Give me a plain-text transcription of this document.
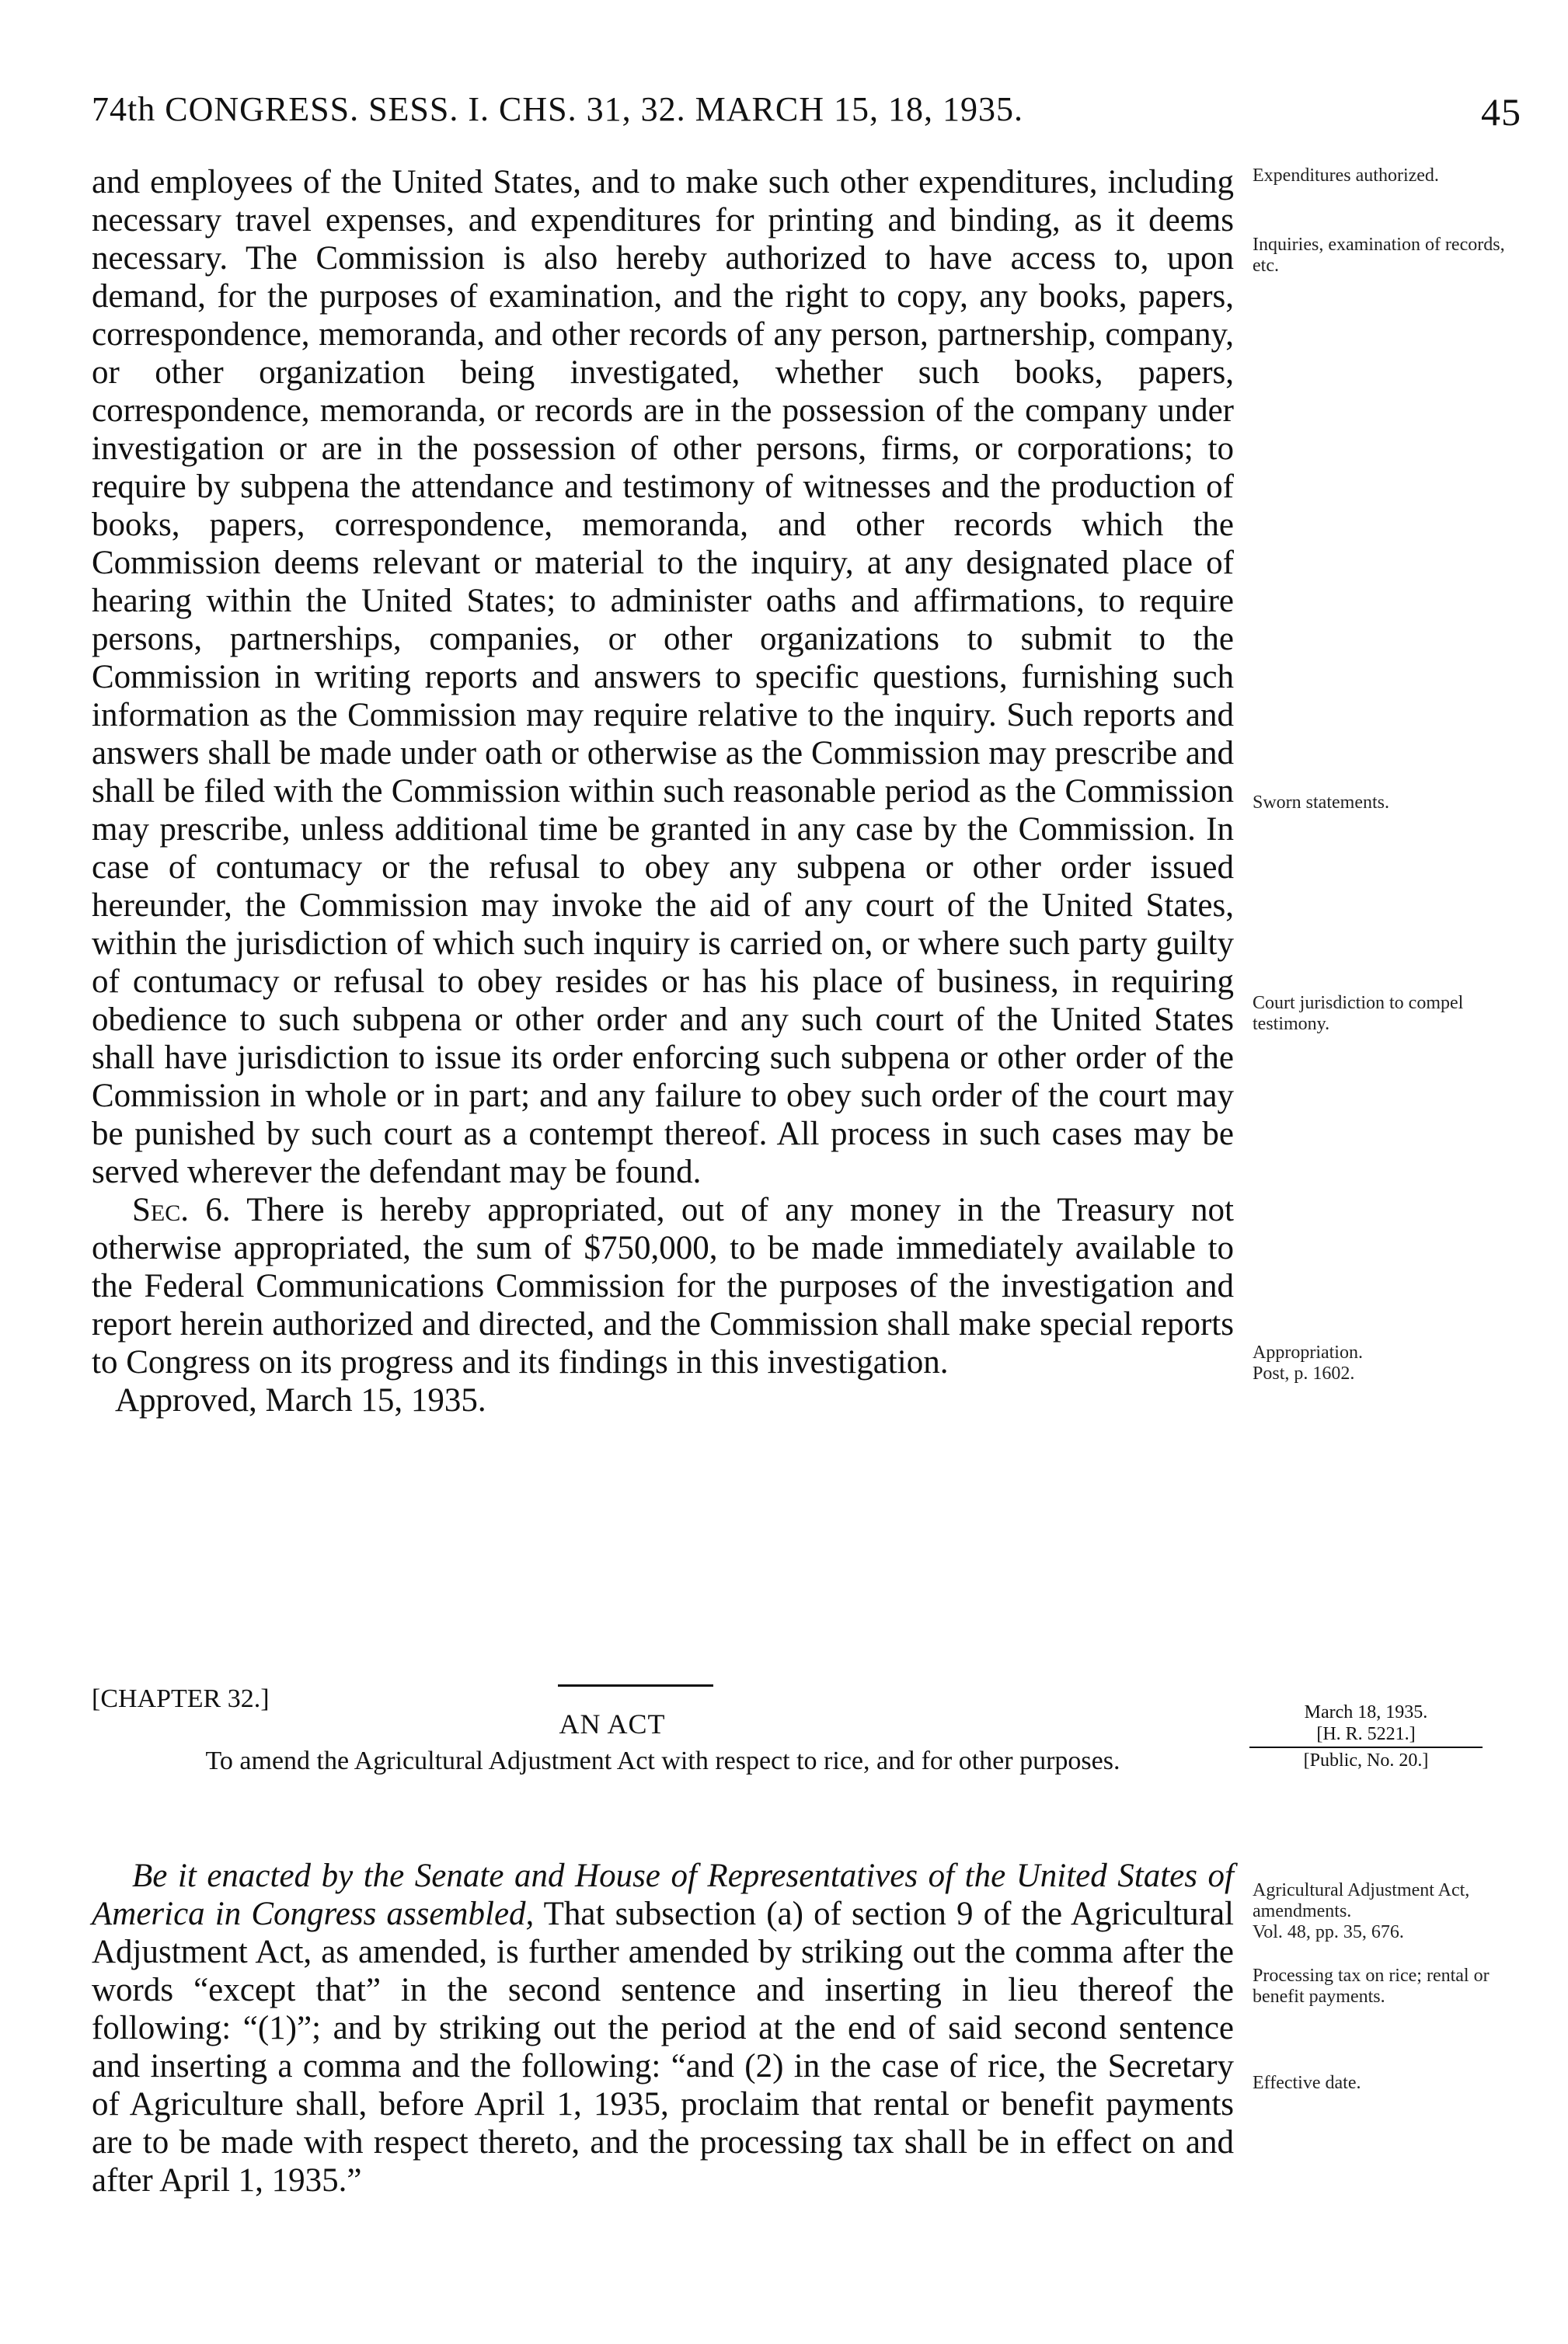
74th CONGRESS. SESS. I. CHS. 31, 32. MARCH 15, 18, 1935.	45

and employees of the United States, and to make such other expenditures, including necessary travel expenses, and expenditures for printing and binding, as it deems necessary. The Commission is also hereby authorized to have access to, upon demand, for the purposes of examination, and the right to copy, any books, papers, correspondence, memoranda, and other records of any person, partnership, company, or other organization being investigated, whether such books, papers, correspondence, memoranda, or records are in the possession of the company under investigation or are in the possession of other persons, firms, or corporations; to require by subpena the attendance and testimony of witnesses and the production of books, papers, correspondence, memoranda, and other records which the Commission deems relevant or material to the inquiry, at any designated place of hearing within the United States; to administer oaths and affirmations, to require persons, partnerships, companies, or other organizations to submit to the Commission in writing reports and answers to specific questions, furnishing such information as the Commission may require relative to the inquiry. Such reports and answers shall be made under oath or otherwise as the Commission may prescribe and shall be filed with the Commission within such reasonable period as the Commission may prescribe, unless additional time be granted in any case by the Commission. In case of contumacy or the refusal to obey any subpena or other order issued hereunder, the Commission may invoke the aid of any court of the United States, within the jurisdiction of which such inquiry is carried on, or where such party guilty of contumacy or refusal to obey resides or has his place of business, in requiring obedience to such subpena or other order and any such court of the United States shall have jurisdiction to issue its order enforcing such subpena or other order of the Commission in whole or in part; and any failure to obey such order of the court may be punished by such court as a contempt thereof. All process in such cases may be served wherever the defendant may be found.

Sec. 6. There is hereby appropriated, out of any money in the Treasury not otherwise appropriated, the sum of $750,000, to be made immediately available to the Federal Communications Commission for the purposes of the investigation and report herein authorized and directed, and the Commission shall make special reports to Congress on its progress and its findings in this investigation.

Approved, March 15, 1935.

Expenditures authorized.
Inquiries, examination of records, etc.
Sworn statements.
Court jurisdiction to compel testimony.
Appropriation.
Post, p. 1602.
[CHAPTER 32.]
AN ACT
To amend the Agricultural Adjustment Act with respect to rice, and for other purposes.
March 18, 1935.
[H. R. 5221.]
[Public, No. 20.]
Be it enacted by the Senate and House of Representatives of the United States of America in Congress assembled, That subsection (a) of section 9 of the Agricultural Adjustment Act, as amended, is further amended by striking out the comma after the words “except that” in the second sentence and inserting in lieu thereof the following: “(1)”; and by striking out the period at the end of said second sentence and inserting a comma and the following: “and (2) in the case of rice, the Secretary of Agriculture shall, before April 1, 1935, proclaim that rental or benefit payments are to be made with respect thereto, and the processing tax shall be in effect on and after April 1, 1935.”
Agricultural Adjustment Act, amendments.
Vol. 48, pp. 35, 676.
Processing tax on rice; rental or benefit payments.
Effective date.
